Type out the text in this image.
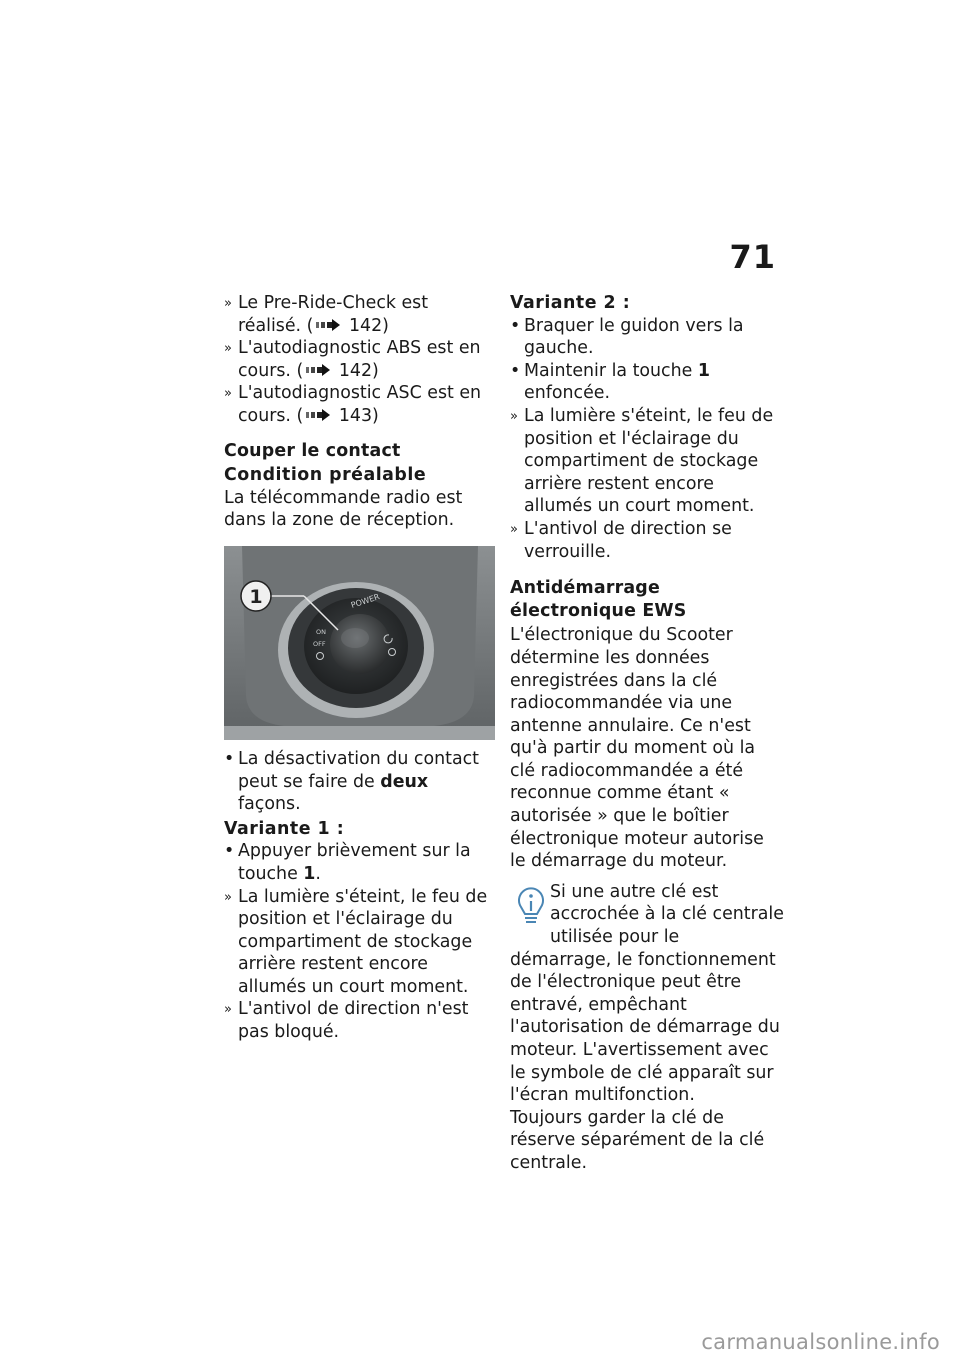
71

» Le Pre-Ride-Check est réalisé. ( 142)

» L'autodiagnostic ABS est en cours. ( 142)

» L'autodiagnostic ASC est en cours. ( 143)

Couper le contact

Condition préalable

La télécommande radio est dans la zone de réception.

POWER
ON
OFF
1

• La désactivation du contact peut se faire de deux façons.

Variante 1 :

• Appuyer brièvement sur la touche 1.

» La lumière s'éteint, le feu de position et l'éclairage du compartiment de stockage arrière restent encore allumés un court moment.

» L'antivol de direction n'est pas bloqué.

Variante 2 :

• Braquer le guidon vers la gauche.

• Maintenir la touche 1 enfoncée.

» La lumière s'éteint, le feu de position et l'éclairage du compartiment de stockage arrière restent encore allumés un court moment.

» L'antivol de direction se verrouille.

Antidémarrage électronique EWS

L'électronique du Scooter détermine les données enregistrées dans la clé radiocommandée via une antenne annulaire. Ce n'est qu'à partir du moment où la clé radiocommandée a été reconnue comme étant « autorisée » que le boîtier électronique moteur autorise le démarrage du moteur.

Si une autre clé est accrochée à la clé centrale utilisée pour le

démarrage, le fonctionnement de l'électronique peut être entravé, empêchant l'autorisation de démarrage du moteur. L'avertissement avec le symbole de clé apparaît sur l'écran multifonction.

Toujours garder la clé de réserve séparément de la clé centrale.

carmanualsonline.info
